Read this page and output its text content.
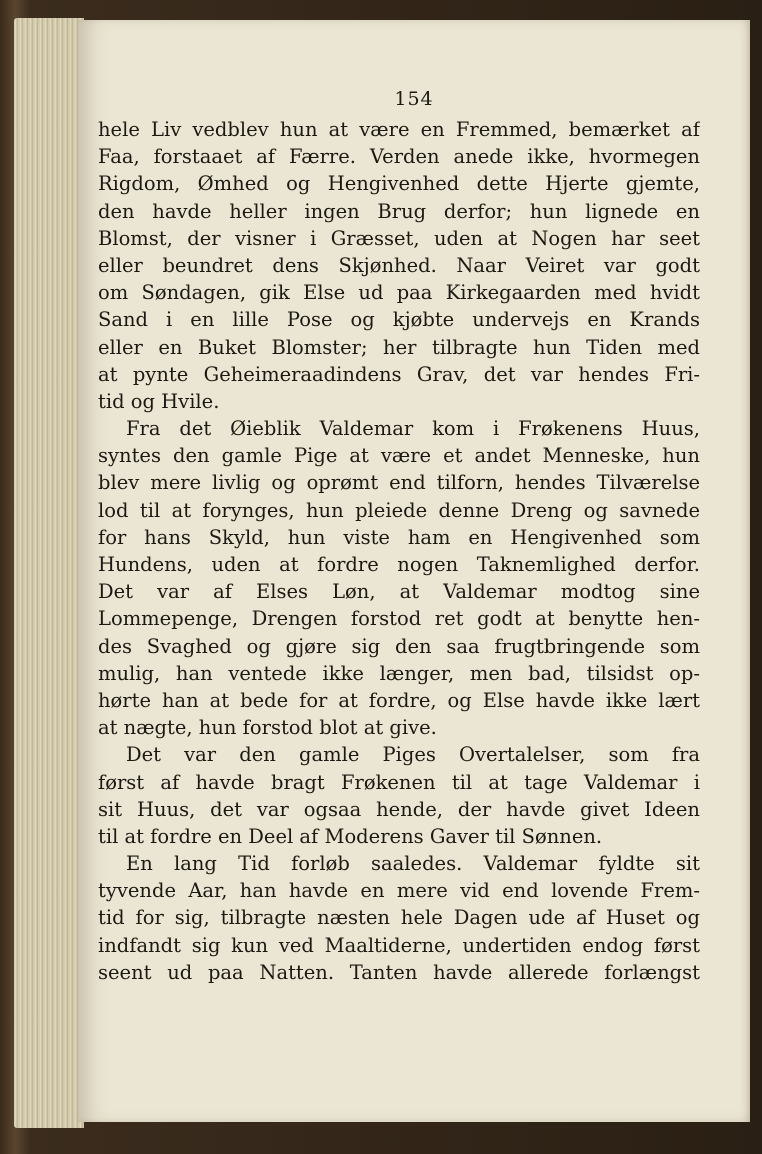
154
hele Liv vedblev hun at være en Fremmed, bemærket af
Faa, forstaaet af Færre. Verden anede ikke, hvormegen
Rigdom, Ømhed og Hengivenhed dette Hjerte gjemte,
den havde heller ingen Brug derfor; hun lignede en
Blomst, der visner i Græsset, uden at Nogen har seet
eller beundret dens Skjønhed. Naar Veiret var godt
om Søndagen, gik Else ud paa Kirkegaarden med hvidt
Sand i en lille Pose og kjøbte undervejs en Krands
eller en Buket Blomster; her tilbragte hun Tiden med
at pynte Geheimeraadindens Grav, det var hendes Fri-
tid og Hvile.
Fra det Øieblik Valdemar kom i Frøkenens Huus,
syntes den gamle Pige at være et andet Menneske, hun
blev mere livlig og oprømt end tilforn, hendes Tilværelse
lod til at forynges, hun pleiede denne Dreng og savnede
for hans Skyld, hun viste ham en Hengivenhed som
Hundens, uden at fordre nogen Taknemlighed derfor.
Det var af Elses Løn, at Valdemar modtog sine
Lommepenge, Drengen forstod ret godt at benytte hen-
des Svaghed og gjøre sig den saa frugtbringende som
mulig, han ventede ikke længer, men bad, tilsidst op-
hørte han at bede for at fordre, og Else havde ikke lært
at nægte, hun forstod blot at give.
Det var den gamle Piges Overtalelser, som fra
først af havde bragt Frøkenen til at tage Valdemar i
sit Huus, det var ogsaa hende, der havde givet Ideen
til at fordre en Deel af Moderens Gaver til Sønnen.
En lang Tid forløb saaledes. Valdemar fyldte sit
tyvende Aar, han havde en mere vid end lovende Frem-
tid for sig, tilbragte næsten hele Dagen ude af Huset og
indfandt sig kun ved Maaltiderne, undertiden endog først
seent ud paa Natten. Tanten havde allerede forlængst
